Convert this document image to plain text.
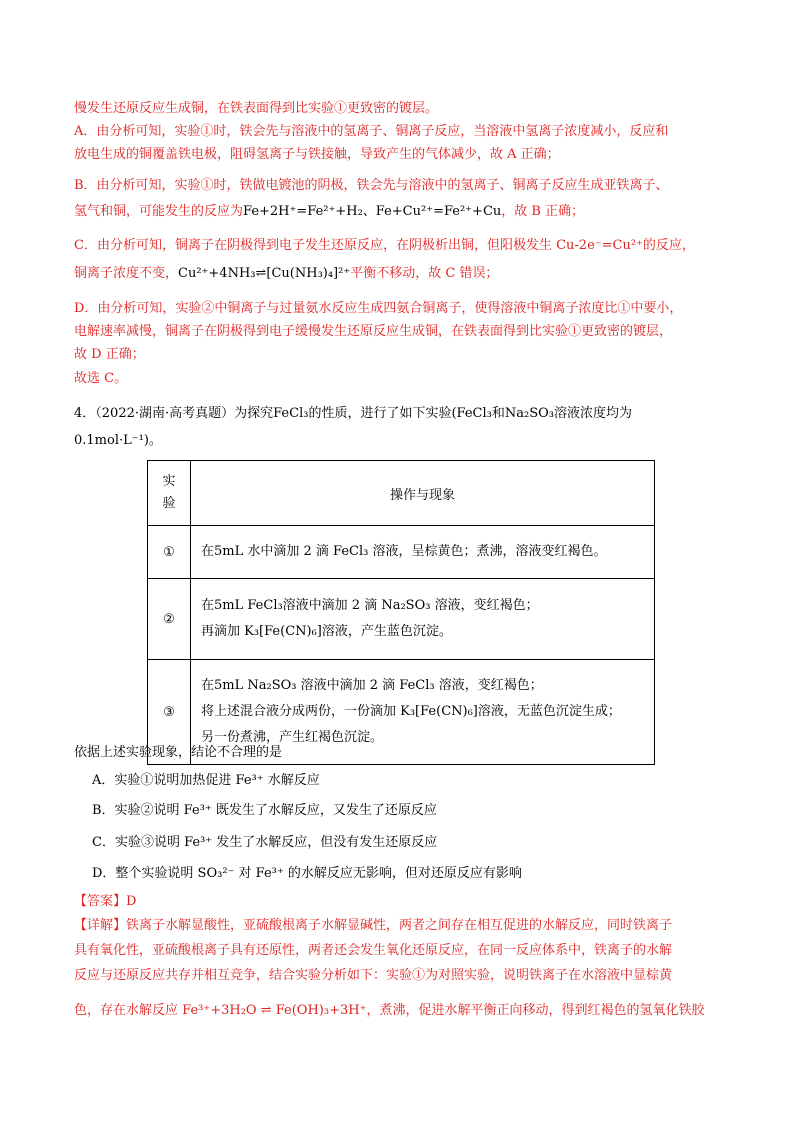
慢发生还原反应生成铜，在铁表面得到比实验①更致密的镀层。
A．由分析可知，实验①时，铁会先与溶液中的氢离子、铜离子反应，当溶液中氢离子浓度减小，反应和
放电生成的铜覆盖铁电极，阻碍氢离子与铁接触，导致产生的气体减少，故 A 正确；
B．由分析可知，实验①时，铁做电镀池的阴极，铁会先与溶液中的氢离子、铜离子反应生成亚铁离子、
氢气和铜，可能发生的反应为Fe+2H⁺=Fe²⁺+H₂、Fe+Cu²⁺=Fe²⁺+Cu，故 B 正确；
C．由分析可知，铜离子在阴极得到电子发生还原反应，在阴极析出铜，但阳极发生 Cu-2e⁻=Cu²⁺的反应，
铜离子浓度不变，Cu²⁺+4NH₃⇌[Cu(NH₃)₄]²⁺平衡不移动，故 C 错误；
D．由分析可知，实验②中铜离子与过量氨水反应生成四氨合铜离子，使得溶液中铜离子浓度比①中要小，
电解速率减慢，铜离子在阴极得到电子缓慢发生还原反应生成铜，在铁表面得到比实验①更致密的镀层，
故 D 正确；
故选 C。
4．（2022·湖南·高考真题）为探究FeCl₃的性质，进行了如下实验(FeCl₃和Na₂SO₃溶液浓度均为
0.1mol·L⁻¹)。
实验	操作与现象
①	在5mL 水中滴加 2 滴 FeCl₃ 溶液，呈棕黄色；煮沸，溶液变红褐色。

②	在5mL FeCl₃溶液中滴加 2 滴 Na₂SO₃ 溶液，变红褐色；
再滴加 K₃[Fe(CN)₆]溶液，产生蓝色沉淀。

③	在5mL Na₂SO₃ 溶液中滴加 2 滴 FeCl₃ 溶液，变红褐色；
将上述混合液分成两份，一份滴加 K₃[Fe(CN)₆]溶液，无蓝色沉淀生成；
另一份煮沸，产生红褐色沉淀。
依据上述实验现象，结论不合理的是
A．实验①说明加热促进 Fe³⁺ 水解反应
B．实验②说明 Fe³⁺ 既发生了水解反应，又发生了还原反应
C．实验③说明 Fe³⁺ 发生了水解反应，但没有发生还原反应
D．整个实验说明 SO₃²⁻ 对 Fe³⁺ 的水解反应无影响，但对还原反应有影响
【答案】D
【详解】铁离子水解显酸性，亚硫酸根离子水解显碱性，两者之间存在相互促进的水解反应，同时铁离子
具有氧化性，亚硫酸根离子具有还原性，两者还会发生氧化还原反应，在同一反应体系中，铁离子的水解
反应与还原反应共存并相互竞争，结合实验分析如下：实验①为对照实验，说明铁离子在水溶液中显棕黄
色，存在水解反应 Fe³⁺+3H₂O ⇌ Fe(OH)₃+3H⁺，煮沸，促进水解平衡正向移动，得到红褐色的氢氧化铁胶
